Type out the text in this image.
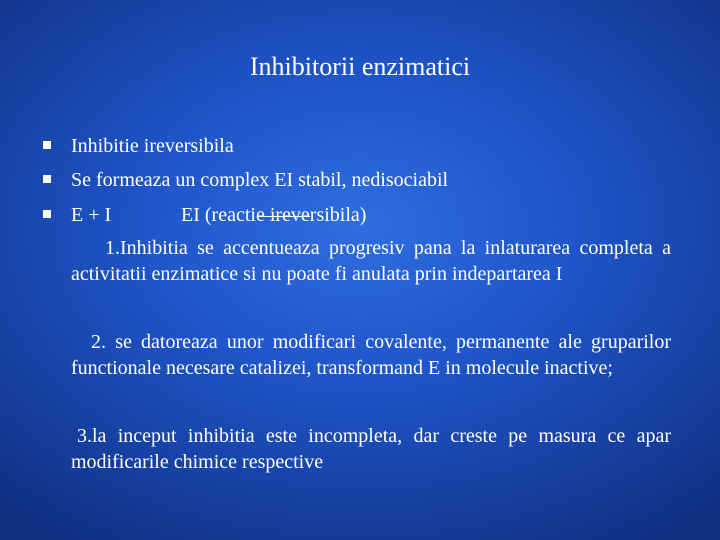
Inhibitorii enzimatici
Inhibitie ireversibila
Se formeaza un complex EI stabil, nedisociabil
E + I	EI (reactie ireversibila)
1.Inhibitia se accentueaza progresiv pana la inlaturarea completa a activitatii enzimatice si nu poate fi anulata prin indepartarea I
2. se datoreaza unor modificari covalente, permanente ale gruparilor functionale necesare catalizei, transformand E in molecule inactive;
3.la inceput inhibitia este incompleta, dar creste pe masura ce apar modificarile chimice respective
